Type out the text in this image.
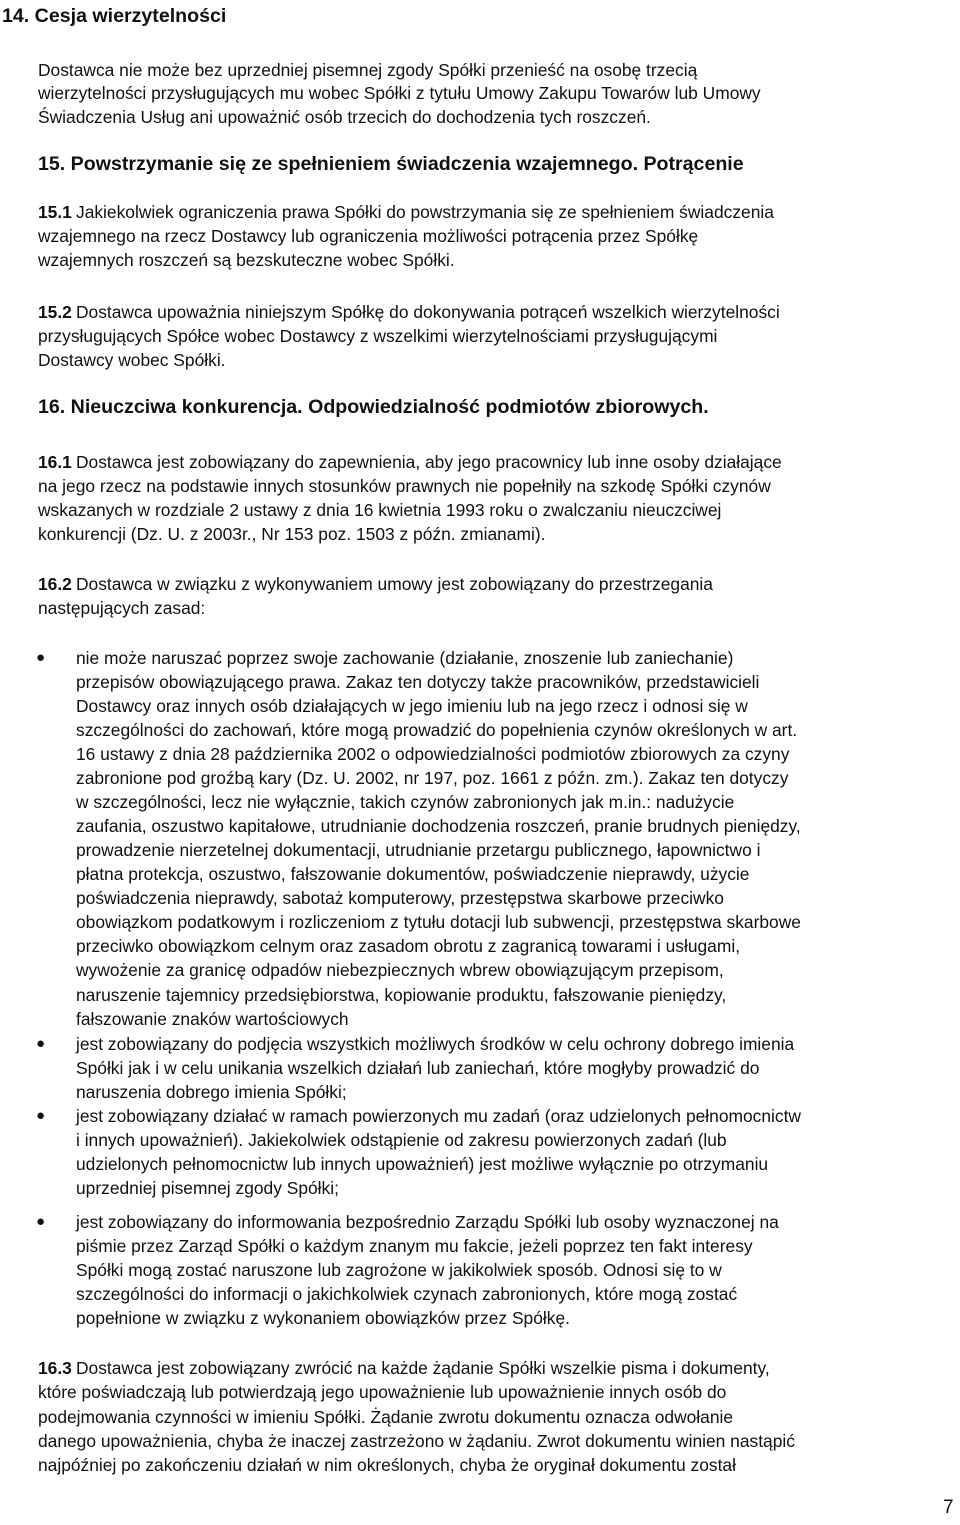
14. Cesja wierzytelności
Dostawca nie może bez uprzedniej pisemnej zgody Spółki przenieść na osobę trzecią
wierzytelności przysługujących mu wobec Spółki z tytułu Umowy Zakupu Towarów lub Umowy
Świadczenia Usług ani upoważnić osób trzecich do dochodzenia tych roszczeń.
15. Powstrzymanie się ze spełnieniem świadczenia wzajemnego. Potrącenie
15.1 Jakiekolwiek ograniczenia prawa Spółki do powstrzymania się ze spełnieniem świadczenia
wzajemnego na rzecz Dostawcy lub ograniczenia możliwości potrącenia przez Spółkę
wzajemnych roszczeń są bezskuteczne wobec Spółki.
15.2 Dostawca upoważnia niniejszym Spółkę do dokonywania potrąceń wszelkich wierzytelności
przysługujących Spółce wobec Dostawcy z wszelkimi wierzytelnościami przysługującymi
Dostawcy wobec Spółki.
16. Nieuczciwa konkurencja. Odpowiedzialność podmiotów zbiorowych.
16.1 Dostawca jest zobowiązany do zapewnienia, aby jego pracownicy lub inne osoby działające
na jego rzecz na podstawie innych stosunków prawnych nie popełniły na szkodę Spółki czynów
wskazanych w rozdziale 2 ustawy z dnia 16 kwietnia 1993 roku o zwalczaniu nieuczciwej
konkurencji (Dz. U. z 2003r., Nr 153 poz. 1503 z późn. zmianami).
16.2 Dostawca w związku z wykonywaniem umowy jest zobowiązany do przestrzegania
następujących zasad:
● nie może naruszać poprzez swoje zachowanie (działanie, znoszenie lub zaniechanie)
przepisów obowiązującego prawa. Zakaz ten dotyczy także pracowników, przedstawicieli
Dostawcy oraz innych osób działających w jego imieniu lub na jego rzecz i odnosi się w
szczególności do zachowań, które mogą prowadzić do popełnienia czynów określonych w art.
16 ustawy z dnia 28 października 2002 o odpowiedzialności podmiotów zbiorowych za czyny
zabronione pod groźbą kary (Dz. U. 2002, nr 197, poz. 1661 z późn. zm.). Zakaz ten dotyczy
w szczególności, lecz nie wyłącznie, takich czynów zabronionych jak m.in.: nadużycie
zaufania, oszustwo kapitałowe, utrudnianie dochodzenia roszczeń, pranie brudnych pieniędzy,
prowadzenie nierzetelnej dokumentacji, utrudnianie przetargu publicznego, łapownictwo i
płatna protekcja, oszustwo, fałszowanie dokumentów, poświadczenie nieprawdy, użycie
poświadczenia nieprawdy, sabotaż komputerowy, przestępstwa skarbowe przeciwko
obowiązkom podatkowym i rozliczeniom z tytułu dotacji lub subwencji, przestępstwa skarbowe
przeciwko obowiązkom celnym oraz zasadom obrotu z zagranicą towarami i usługami,
wywożenie za granicę odpadów niebezpiecznych wbrew obowiązującym przepisom,
naruszenie tajemnicy przedsiębiorstwa, kopiowanie produktu, fałszowanie pieniędzy,
fałszowanie znaków wartościowych
● jest zobowiązany do podjęcia wszystkich możliwych środków w celu ochrony dobrego imienia
Spółki jak i w celu unikania wszelkich działań lub zaniechań, które mogłyby prowadzić do
naruszenia dobrego imienia Spółki;
● jest zobowiązany działać w ramach powierzonych mu zadań (oraz udzielonych pełnomocnictw
i innych upoważnień). Jakiekolwiek odstąpienie od zakresu powierzonych zadań (lub
udzielonych pełnomocnictw lub innych upoważnień) jest możliwe wyłącznie po otrzymaniu
uprzedniej pisemnej zgody Spółki;
● jest zobowiązany do informowania bezpośrednio Zarządu Spółki lub osoby wyznaczonej na
piśmie przez Zarząd Spółki o każdym znanym mu fakcie, jeżeli poprzez ten fakt interesy
Spółki mogą zostać naruszone lub zagrożone w jakikolwiek sposób. Odnosi się to w
szczególności do informacji o jakichkolwiek czynach zabronionych, które mogą zostać
popełnione w związku z wykonaniem obowiązków przez Spółkę.
16.3 Dostawca jest zobowiązany zwrócić na każde żądanie Spółki wszelkie pisma i dokumenty,
które poświadczają lub potwierdzają jego upoważnienie lub upoważnienie innych osób do
podejmowania czynności w imieniu Spółki. Żądanie zwrotu dokumentu oznacza odwołanie
danego upoważnienia, chyba że inaczej zastrzeżono w żądaniu. Zwrot dokumentu winien nastąpić
najpóźniej po zakończeniu działań w nim określonych, chyba że oryginał dokumentu został
7
